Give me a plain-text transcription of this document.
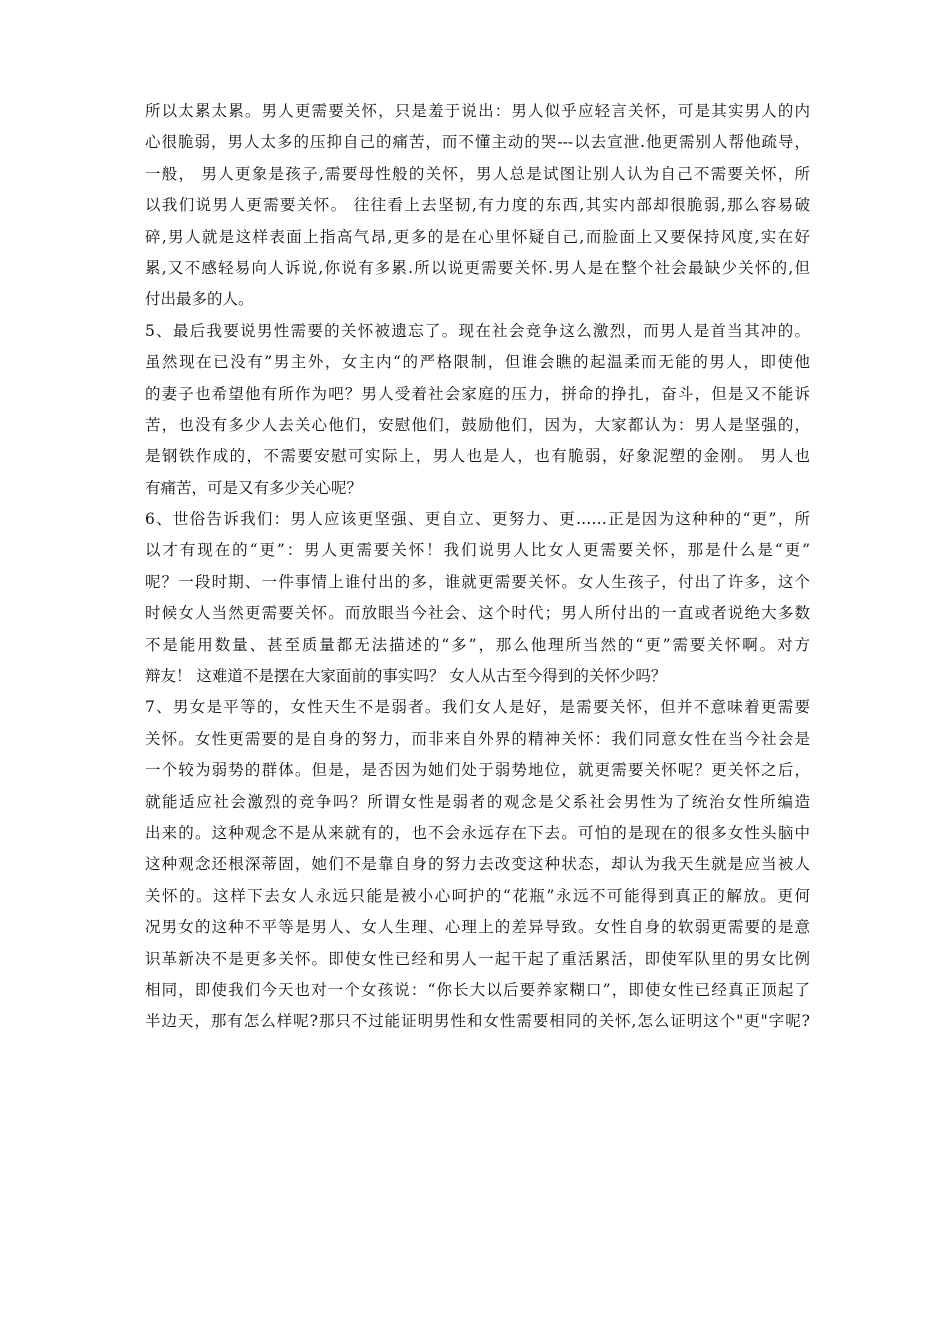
所以太累太累。男人更需要关怀，只是羞于说出：男人似乎应轻言关怀，可是其实男人的内
心很脆弱，男人太多的压抑自己的痛苦，而不懂主动的哭---以去宣泄.他更需别人帮他疏导，
一般， 男人更象是孩子,需要母性般的关怀，男人总是试图让别人认为自己不需要关怀，所
以我们说男人更需要关怀。 往往看上去坚韧,有力度的东西,其实内部却很脆弱,那么容易破
碎,男人就是这样表面上指高气昂,更多的是在心里怀疑自己,而脸面上又要保持风度,实在好
累,又不感轻易向人诉说,你说有多累.所以说更需要关怀.男人是在整个社会最缺少关怀的,但
付出最多的人。
5、最后我要说男性需要的关怀被遗忘了。现在社会竞争这么激烈，而男人是首当其冲的。
虽然现在已没有”男主外，女主内“的严格限制，但谁会瞧的起温柔而无能的男人，即使他
的妻子也希望他有所作为吧？男人受着社会家庭的压力，拼命的挣扎，奋斗，但是又不能诉
苦，也没有多少人去关心他们，安慰他们，鼓励他们，因为，大家都认为：男人是坚强的，
是钢铁作成的，不需要安慰可实际上，男人也是人，也有脆弱，好象泥塑的金刚。 男人也
有痛苦，可是又有多少关心呢？
6、世俗告诉我们：男人应该更坚强、更自立、更努力、更……正是因为这种种的“更”，所
以才有现在的“更”：男人更需要关怀！我们说男人比女人更需要关怀，那是什么是“更”
呢？一段时期、一件事情上谁付出的多，谁就更需要关怀。女人生孩子，付出了许多，这个
时候女人当然更需要关怀。而放眼当今社会、这个时代；男人所付出的一直或者说绝大多数
不是能用数量、甚至质量都无法描述的“多”，那么他理所当然的“更”需要关怀啊。对方
辩友！ 这难道不是摆在大家面前的事实吗？ 女人从古至今得到的关怀少吗？
7、男女是平等的，女性天生不是弱者。我们女人是好，是需要关怀，但并不意味着更需要
关怀。女性更需要的是自身的努力，而非来自外界的精神关怀：我们同意女性在当今社会是
一个较为弱势的群体。但是，是否因为她们处于弱势地位，就更需要关怀呢？更关怀之后，
就能适应社会激烈的竞争吗？所谓女性是弱者的观念是父系社会男性为了统治女性所编造
出来的。这种观念不是从来就有的，也不会永远存在下去。可怕的是现在的很多女性头脑中
这种观念还根深蒂固，她们不是靠自身的努力去改变这种状态，却认为我天生就是应当被人
关怀的。这样下去女人永远只能是被小心呵护的“花瓶”永远不可能得到真正的解放。更何
况男女的这种不平等是男人、女人生理、心理上的差异导致。女性自身的软弱更需要的是意
识革新决不是更多关怀。即使女性已经和男人一起干起了重活累活，即使军队里的男女比例
相同，即使我们今天也对一个女孩说：“你长大以后要养家糊口”，即使女性已经真正顶起了
半边天，那有怎么样呢?那只不过能证明男性和女性需要相同的关怀,怎么证明这个"更"字呢?
